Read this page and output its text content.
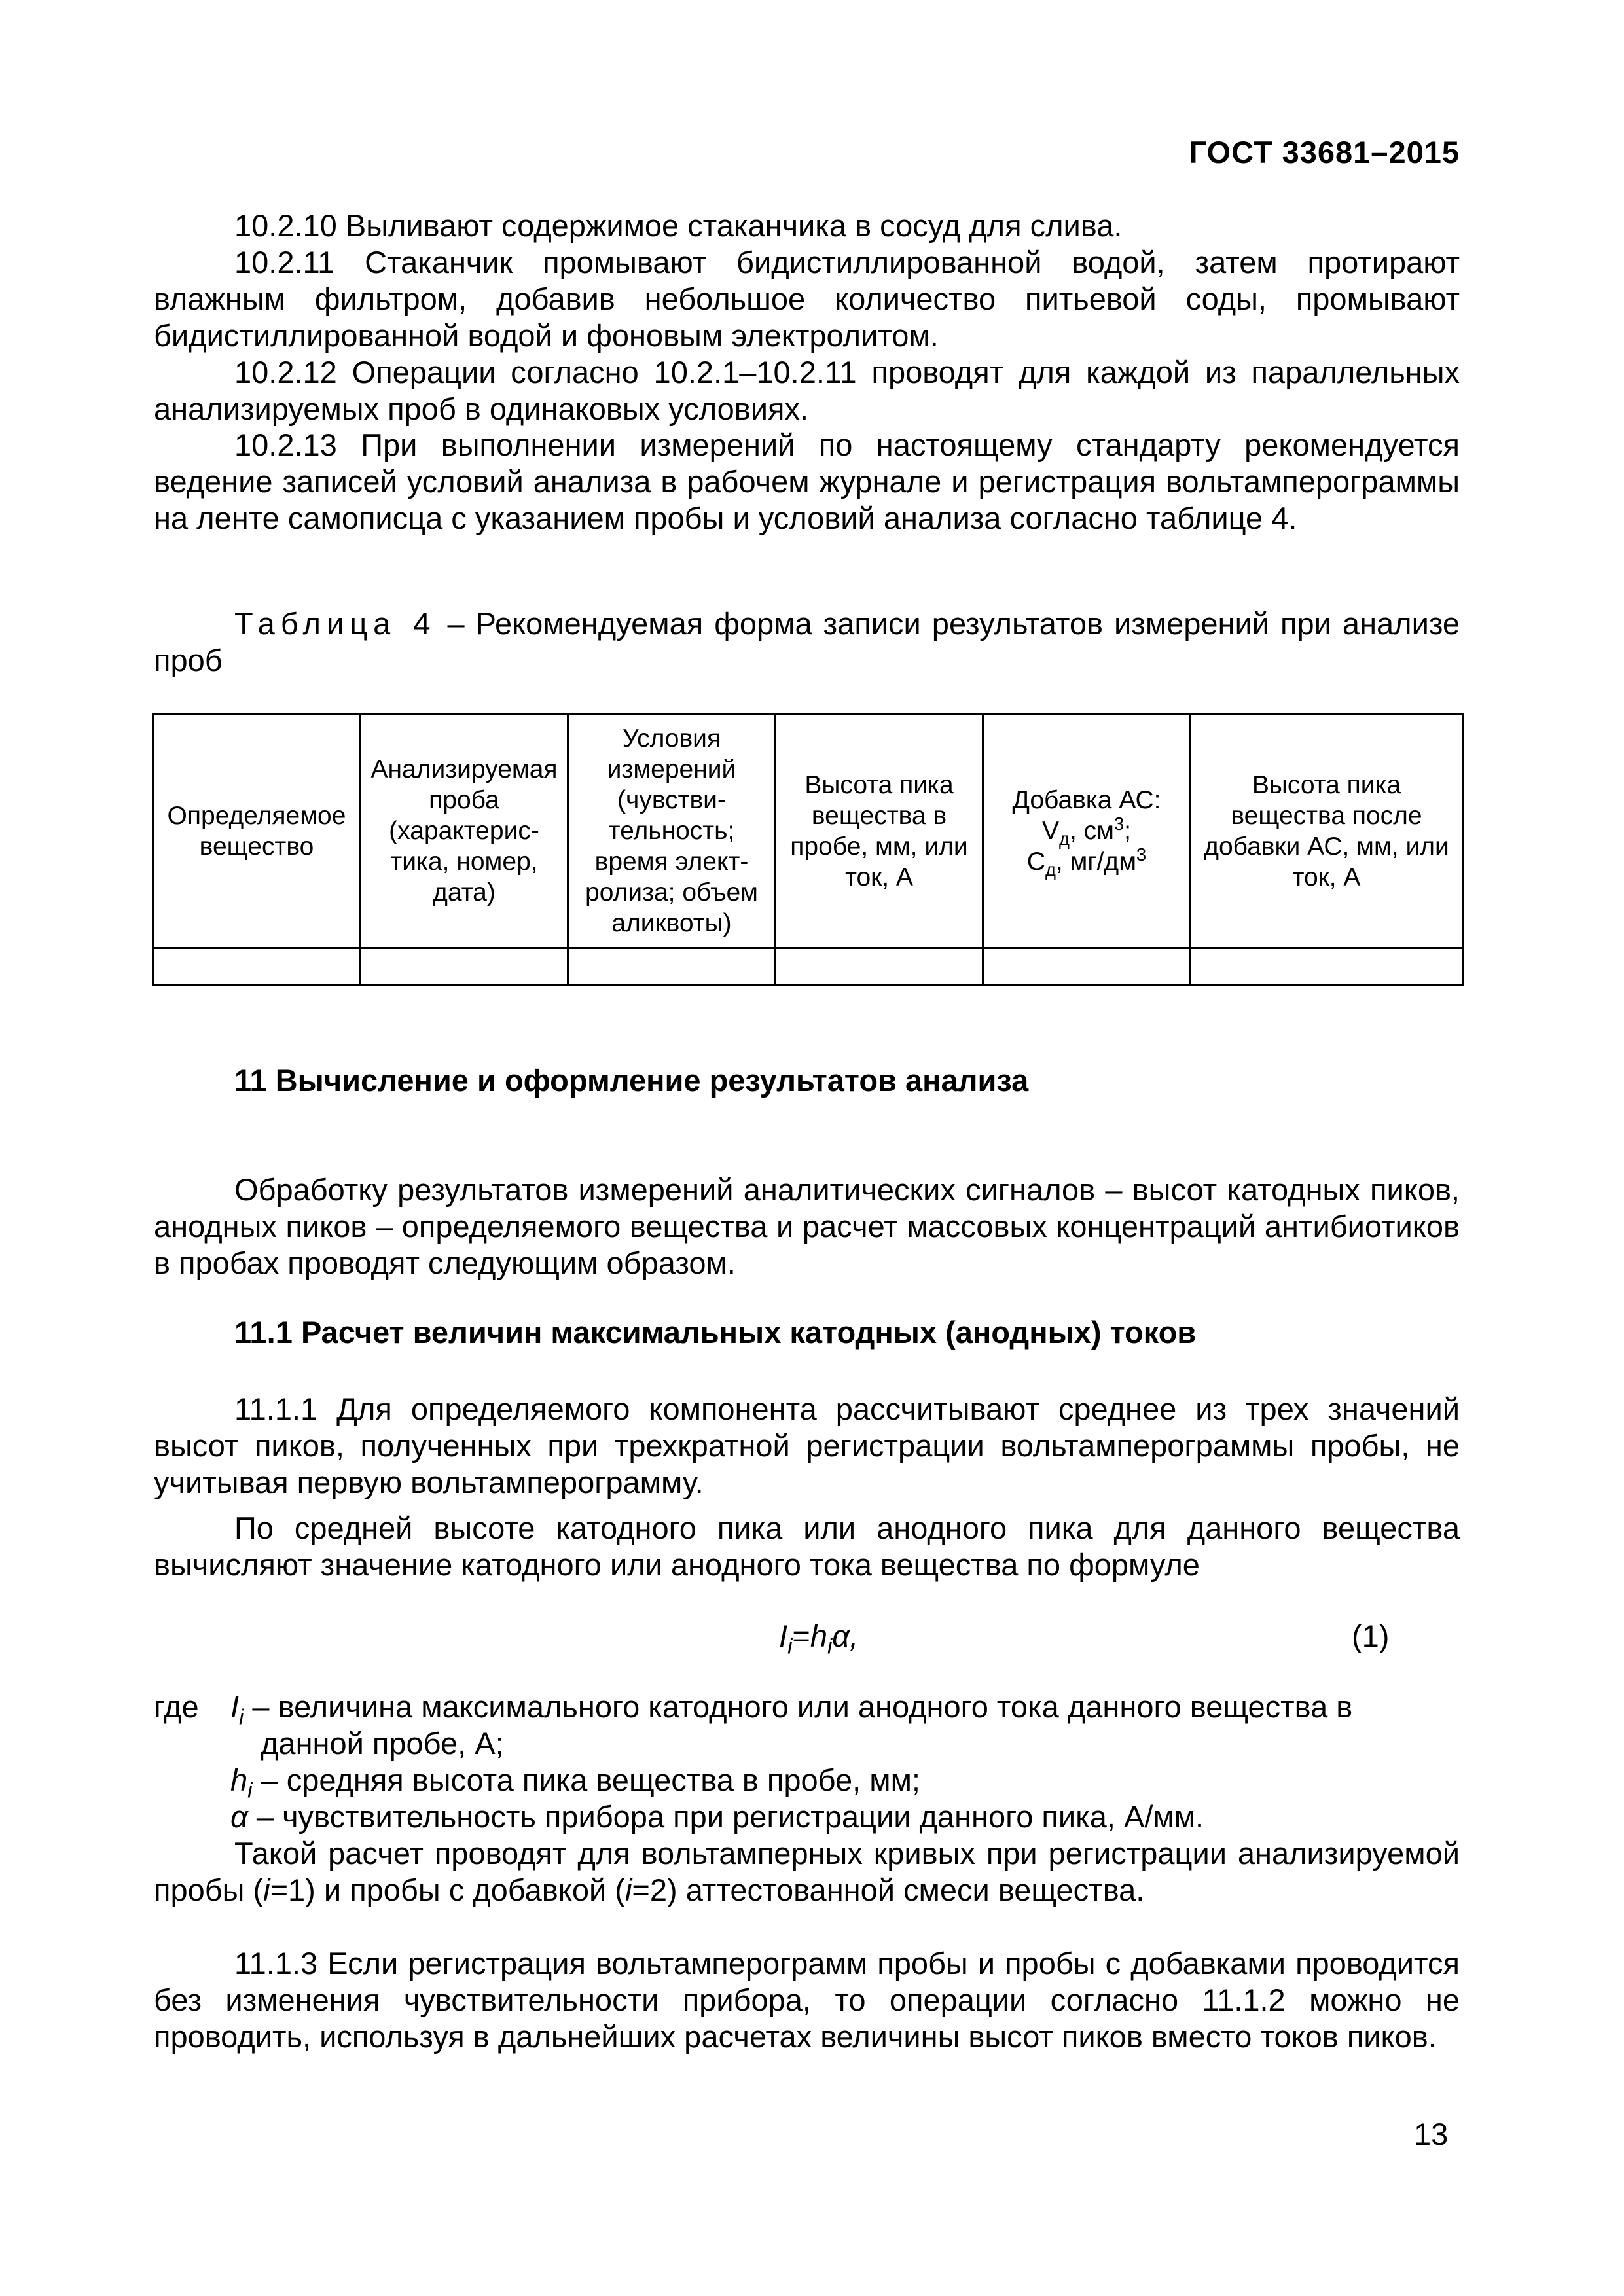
ГОСТ 33681–2015
10.2.10 Выливают содержимое стаканчика в сосуд для слива.
10.2.11 Стаканчик промывают бидистиллированной водой, затем протирают влажным фильтром, добавив небольшое количество питьевой соды, промывают бидистиллированной водой и фоновым электролитом.
10.2.12 Операции согласно 10.2.1–10.2.11 проводят для каждой из параллельных анализируемых проб в одинаковых условиях.
10.2.13 При выполнении измерений по настоящему стандарту рекомендуется ведение записей условий анализа в рабочем журнале и регистрация вольтамперограммы на ленте самописца с указанием пробы и условий анализа согласно таблице 4.
Таблица 4 – Рекомендуемая форма записи результатов измерений при анализе проб
Определяемое вещество	Анализируемая проба (характерис-тика, номер, дата)	Условия измерений (чувстви-тельность; время элект-ролиза; объем аликвоты)	Высота пика вещества в пробе, мм, или ток, А	Добавка АС:
$V_д$, $см^3$;
$С_д$, $мг/дм^3$	Высота пика вещества после добавки АС, мм, или ток, А

11 Вычисление и оформление результатов анализа
Обработку результатов измерений аналитических сигналов – высот катодных пиков, анодных пиков – определяемого вещества и расчет массовых концентраций антибиотиков в пробах проводят следующим образом.
11.1 Расчет величин максимальных катодных (анодных) токов
11.1.1 Для определяемого компонента рассчитывают среднее из трех значений высот пиков, полученных при трехкратной регистрации вольтамперограммы пробы, не учитывая первую вольтамперограмму.
По средней высоте катодного пика или анодного пика для данного вещества вычисляют значение катодного или анодного тока вещества по формуле
$I_i=h_i\alpha$,	(1)
где $I_i$ – величина максимального катодного или анодного тока данного вещества в
данной пробе, А;
$h_i$ – средняя высота пика вещества в пробе, мм;
α – чувствительность прибора при регистрации данного пика, А/мм.
Такой расчет проводят для вольтамперных кривых при регистрации анализируемой пробы (i=1) и пробы с добавкой (i=2) аттестованной смеси вещества.
11.1.3 Если регистрация вольтамперограмм пробы и пробы с добавками проводится без изменения чувствительности прибора, то операции согласно 11.1.2 можно не проводить, используя в дальнейших расчетах величины высот пиков вместо токов пиков.
13
